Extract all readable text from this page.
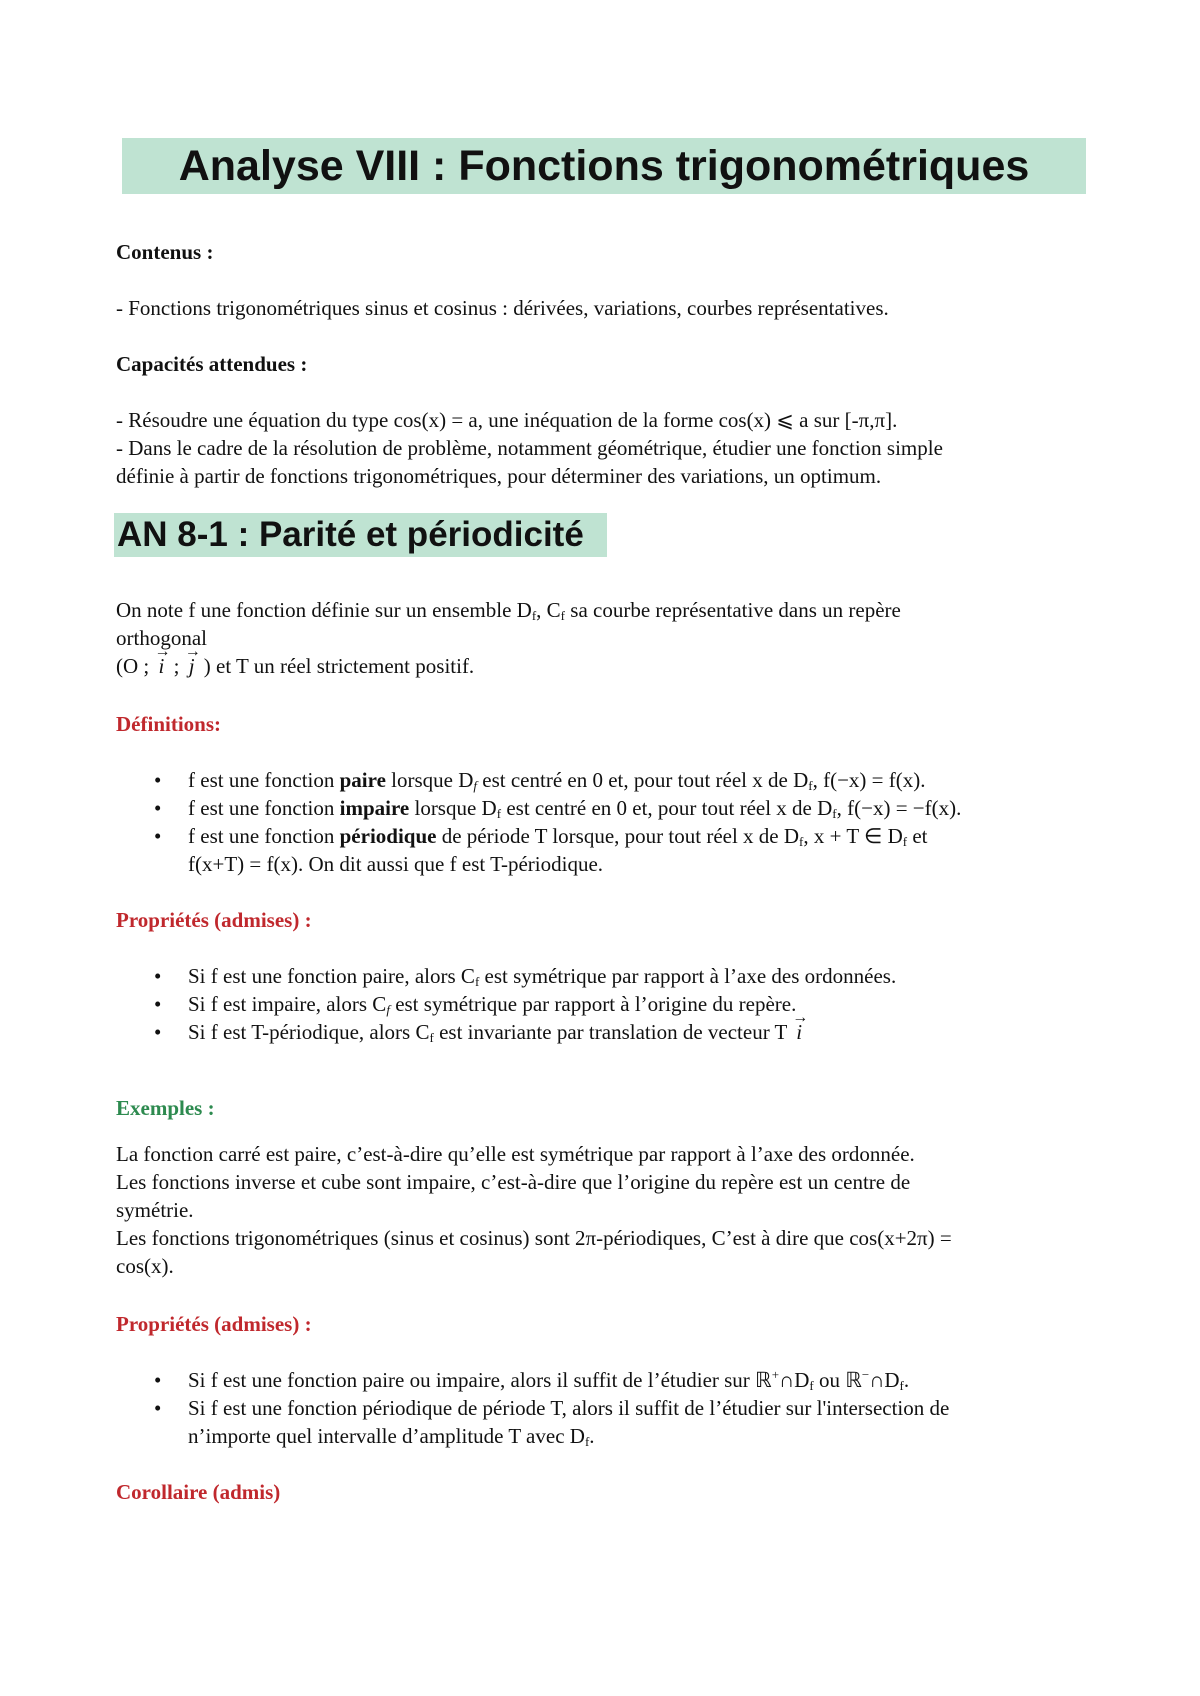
Analyse VIII : Fonctions trigonométriques
Contenus :
- Fonctions trigonométriques sinus et cosinus : dérivées, variations, courbes représentatives.
Capacités attendues :
- Résoudre une équation du type cos(x) = a, une inéquation de la forme cos(x) ⩽ a sur [-π,π].
- Dans le cadre de la résolution de problème, notamment géométrique, étudier une fonction simple
définie à partir de fonctions trigonométriques, pour déterminer des variations, un optimum.
AN 8-1 : Parité et périodicité
On note f une fonction définie sur un ensemble $D_f$, $C_f$ sa courbe représentative dans un repère
orthogonal
(O ; → i ; → j ) et T un réel strictement positif.
Définitions:
• f est une fonction paire lorsque $D_f$ est centré en 0 et, pour tout réel x de $D_f$, f(−x) = f(x).
• f est une fonction impaire lorsque $D_f$ est centré en 0 et, pour tout réel x de $D_f$, f(−x) = −f(x).
• f est une fonction périodique de période T lorsque, pour tout réel x de $D_f$, x + T ∈ $D_f$ et
f(x+T) = f(x). On dit aussi que f est T-périodique.
Propriétés (admises) :
• Si f est une fonction paire, alors $C_f$ est symétrique par rapport à l’axe des ordonnées.
• Si f est impaire, alors $C_f$ est symétrique par rapport à l’origine du repère.
• Si f est T-périodique, alors $C_f$ est invariante par translation de vecteur T → i
Exemples :
La fonction carré est paire, c’est-à-dire qu’elle est symétrique par rapport à l’axe des ordonnée.
Les fonctions inverse et cube sont impaire, c’est-à-dire que l’origine du repère est un centre de
symétrie.
Les fonctions trigonométriques (sinus et cosinus) sont 2π-périodiques, C’est à dire que cos(x+2π) =
cos(x).
Propriétés (admises) :
• Si f est une fonction paire ou impaire, alors il suffit de l’étudier sur $ℝ^+\cap D_f$ ou $ℝ^-\cap D_f$.
• Si f est une fonction périodique de période T, alors il suffit de l’étudier sur l'intersection de
n’importe quel intervalle d’amplitude T avec $D_f$.
Corollaire (admis)
